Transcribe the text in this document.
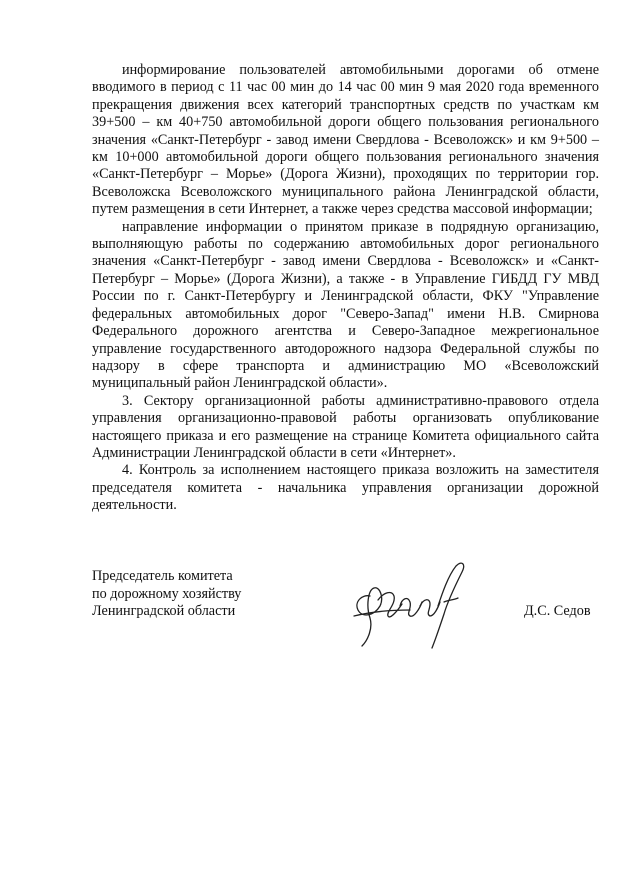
информирование пользователей автомобильными дорогами об отмене вводимого в период с 11 час 00 мин до 14 час 00 мин 9 мая 2020 года временного прекращения движения всех категорий транспортных средств по участкам км 39+500 – км 40+750 автомобильной дороги общего пользования регионального значения «Санкт-Петербург - завод имени Свердлова - Всеволожск» и км 9+500 – км 10+000 автомобильной дороги общего пользования регионального значения «Санкт-Петербург – Морье» (Дорога Жизни), проходящих по территории гор. Всеволожска Всеволожского муниципального района Ленинградской области, путем размещения в сети Интернет, а также через средства массовой информации;

направление информации о принятом приказе в подрядную организацию, выполняющую работы по содержанию автомобильных дорог регионального значения «Санкт-Петербург - завод имени Свердлова - Всеволожск» и «Санкт-Петербург – Морье» (Дорога Жизни), а также - в Управление ГИБДД ГУ МВД России по г. Санкт-Петербургу и Ленинградской области, ФКУ "Управление федеральных автомобильных дорог "Северо-Запад" имени Н.В. Смирнова Федерального дорожного агентства и Северо-Западное межрегиональное управление государственного автодорожного надзора Федеральной службы по надзору в сфере транспорта и администрацию МО «Всеволожский муниципальный район Ленинградской области».

3. Сектору организационной работы административно-правового отдела управления организационно-правовой работы организовать опубликование настоящего приказа и его размещение на странице Комитета официального сайта Администрации Ленинградской области в сети «Интернет».

4. Контроль за исполнением настоящего приказа возложить на заместителя председателя комитета - начальника управления организации дорожной деятельности.

Председатель комитета
по дорожному хозяйству
Ленинградской области	Д.С. Седов
